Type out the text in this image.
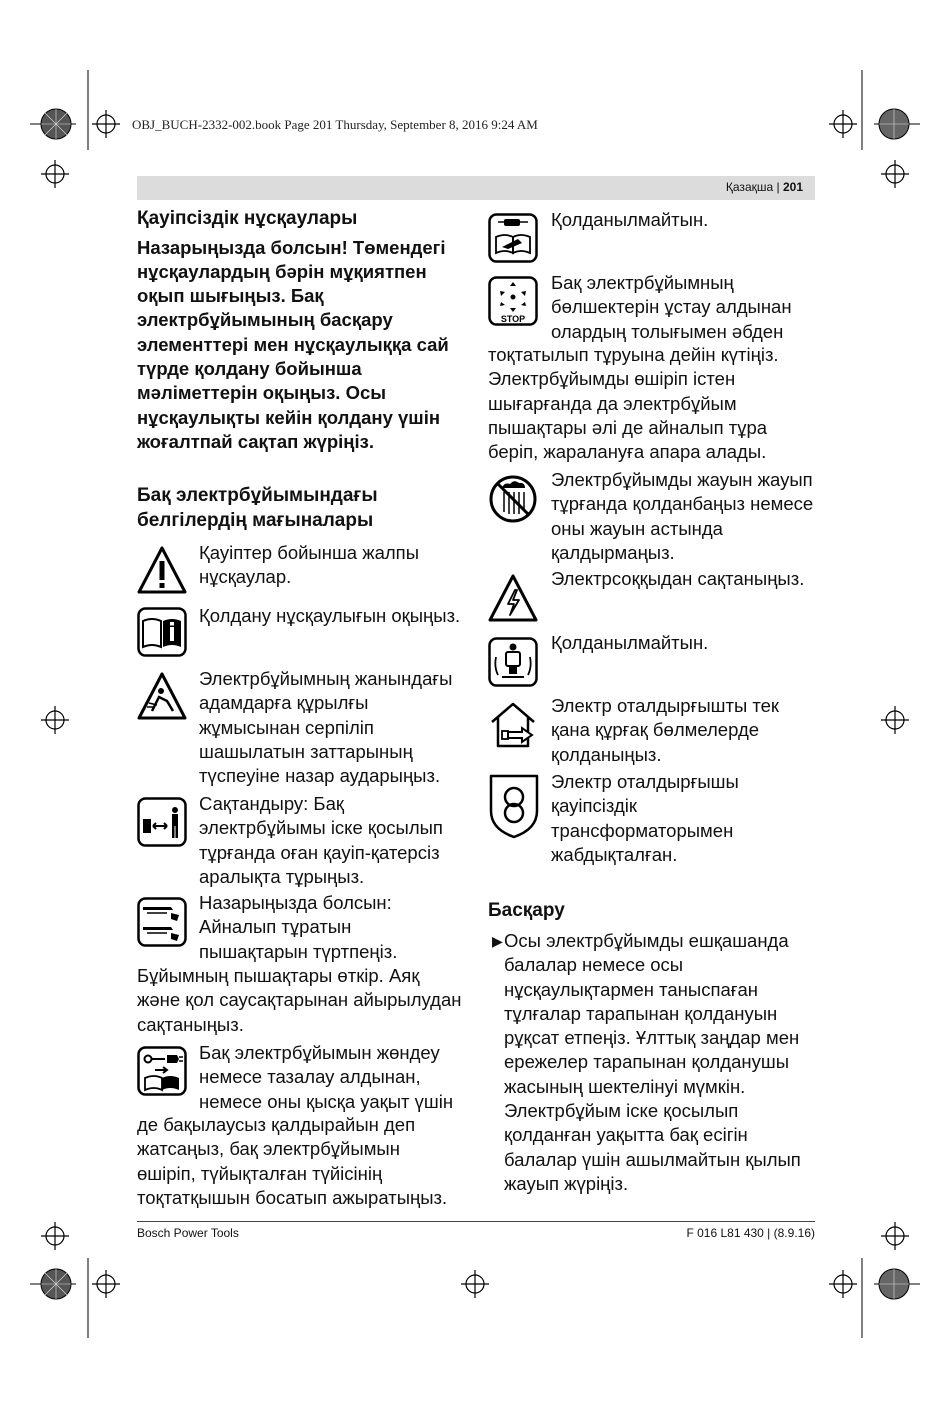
OBJ_BUCH-2332-002.book Page 201 Thursday, September 8, 2016 9:24 AM
Қазақша | 201

Қауіпсіздік нұсқаулары

Назарыңызда болсын! Төмендегі нұсқаулардың бәрін мұқиятпен оқып шығыңыз. Бақ электрбұйымының басқару элементтері мен нұсқаулыққа сай түрде қолдану бойынша мәліметтерін оқыңыз. Осы нұсқаулықты кейін қолдану үшін жоғалтпай сақтап жүріңіз.

Бақ электрбұйымындағы

белгілердің мағыналары

Қауіптер бойынша жалпы нұсқаулар.
Қолдану нұсқаулығын оқыңыз.
Электрбұйымның жанындағы адамдарға құрылғы жұмысынан серпіліп шашылатын заттарының түспеуіне назар аударыңыз.
Сақтандыру: Бақ электрбұйымы іске қосылып тұрғанда оған қауіп-қатерсіз аралықта тұрыңыз.
Назарыңызда болсын: Айналып тұратын пышақтарын түртпеңіз.
Бұйымның пышақтары өткір. Аяқ және қол саусақтарынан айырылудан сақтаныңыз.
Бақ электрбұйымын жөндеу немесе тазалау алдынан, немесе оны қысқа уақыт үшін
де бақылаусыз қалдырайын деп жатсаңыз, бақ электрбұйымын өшіріп, түйықталған түйісінің тоқтатқышын босатып ажыратыңыз.
Қолданылмайтын.
STOP
Бақ электрбұйымның бөлшектерін ұстау алдынан олардың толығымен әбден
тоқтатылып тұруына дейін күтіңіз. Электрбұйымды өшіріп істен шығарғанда да электрбұйым пышақтары әлі де айналып тұра беріп, жаралануға апара алады.
Электрбұйымды жауын жауып тұрғанда қолданбаңыз немесе оны жауын астында қалдырмаңыз.
Электрсоққыдан сақтаныңыз.
Қолданылмайтын.
Электр оталдырғышты тек қана құрғақ бөлмелерде қолданыңыз.
Электр оталдырғышы қауіпсіздік трансформаторымен жабдықталған.
Басқару
▶ Осы электрбұйымды ешқашанда балалар немесе осы нұсқаулықтармен таныспаған тұлғалар тарапынан қолдануын рұқсат етпеңіз. Ұлттық заңдар мен ережелер тарапынан қолданушы жасының шектелінуі мүмкін. Электрбұйым іске қосылып қолданған уақытта бақ есігін балалар үшін ашылмайтын қылып жауып жүріңіз.
Bosch Power Tools	F 016 L81 430 | (8.9.16)
